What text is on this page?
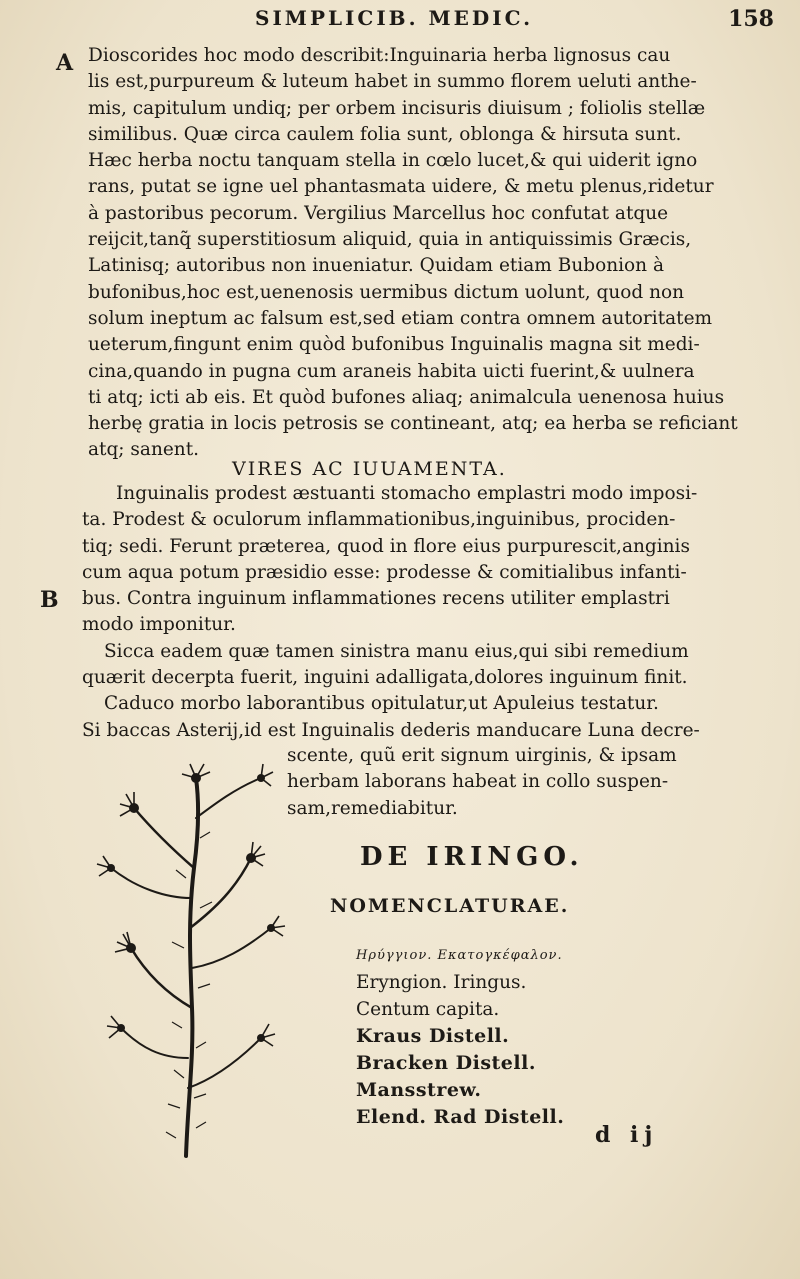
SIMPLICIB. MEDIC.	158
A
B
Dioscorides hoc modo describit:Inguinaria herba lignosus cau
lis est,purpureum & luteum habet in summo florem ueluti anthe-
mis, capitulum undiq; per orbem incisuris diuisum ; foliolis stellæ
similibus. Quæ circa caulem folia sunt, oblonga & hirsuta sunt.
Hæc herba noctu tanquam stella in cœlo lucet,& qui uiderit igno
rans, putat se igne uel phantasmata uidere, & metu plenus,ridetur
à pastoribus pecorum. Vergilius Marcellus hoc confutat atque
reijcit,tanq̃ superstitiosum aliquid, quia in antiquissimis Græcis,
Latinisq; autoribus non inueniatur. Quidam etiam Bubonion à
bufonibus,hoc est,uenenosis uermibus dictum uolunt, quod non
solum ineptum ac falsum est,sed etiam contra omnem autoritatem
ueterum,fingunt enim quòd bufonibus Inguinalis magna sit medi-
cina,quando in pugna cum araneis habita uicti fuerint,& uulnera
ti atq; icti ab eis. Et quòd bufones aliaq; animalcula uenenosa huius
herbę gratia in locis petrosis se contineant, atq; ea herba se reficiant
atq; sanent.
VIRES AC IUUAMENTA.
Inguinalis prodest æstuanti stomacho emplastri modo imposi-
ta. Prodest & oculorum inflammationibus,inguinibus, prociden-
tiq; sedi. Ferunt præterea, quod in flore eius purpurescit,anginis
cum aqua potum præsidio esse: prodesse & comitialibus infanti-
bus. Contra inguinum inflammationes recens utiliter emplastri
modo imponitur.
Sicca eadem quæ tamen sinistra manu eius,qui sibi remedium
quærit decerpta fuerit, inguini adalligata,dolores inguinum finit.
Caduco morbo laborantibus opitulatur,ut Apuleius testatur.
Si baccas Asterij,id est Inguinalis dederis manducare Luna decre-
scente, quũ erit signum uirginis, & ipsam
herbam laborans habeat in collo suspen-
sam,remediabitur.
DE IRINGO.
NOMENCLATURAE.
Ηρύγγιον. Εκατογκέφαλον.
Eryngion. Iringus.
Centum capita.
Kraus Distell.
Bracken Distell.
Mansstrew.
Elend. Rad Distell.
d ij
